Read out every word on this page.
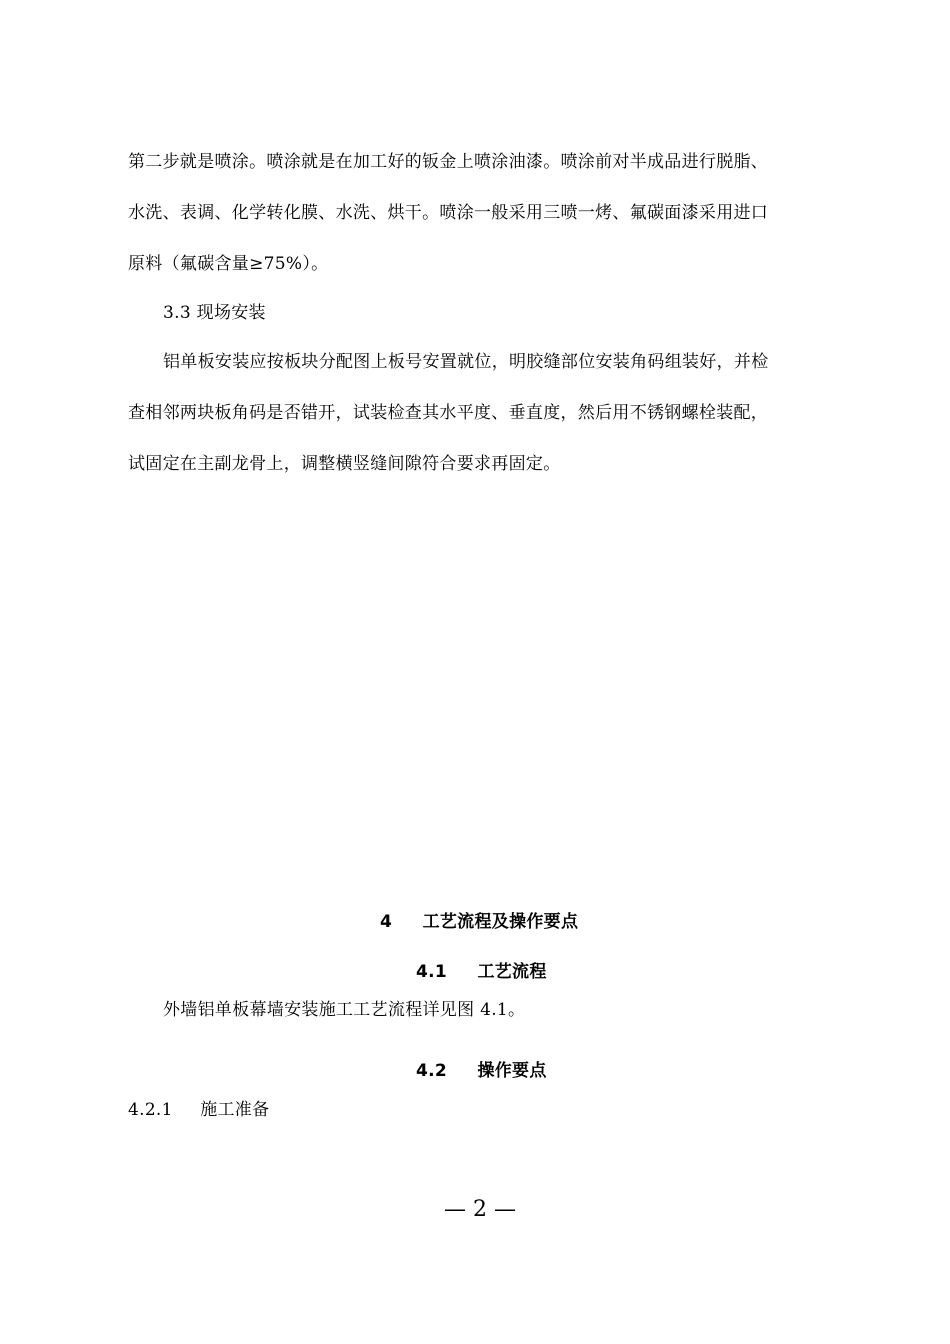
第二步就是喷涂。喷涂就是在加工好的钣金上喷涂油漆。喷涂前对半成品进行脱脂、
水洗、表调、化学转化膜、水洗、烘干。喷涂一般采用三喷一烤、氟碳面漆采用进口
原料（氟碳含量≥75%）。
3.3 现场安装
铝单板安装应按板块分配图上板号安置就位，明胶缝部位安装角码组装好，并检
查相邻两块板角码是否错开，试装检查其水平度、垂直度，然后用不锈钢螺栓装配，
试固定在主副龙骨上，调整横竖缝间隙符合要求再固定。
4 工艺流程及操作要点
4.1 工艺流程
外墙铝单板幕墙安装施工工艺流程详见图 4.1。
4.2 操作要点
4.2.1 施工准备
— 2 —
